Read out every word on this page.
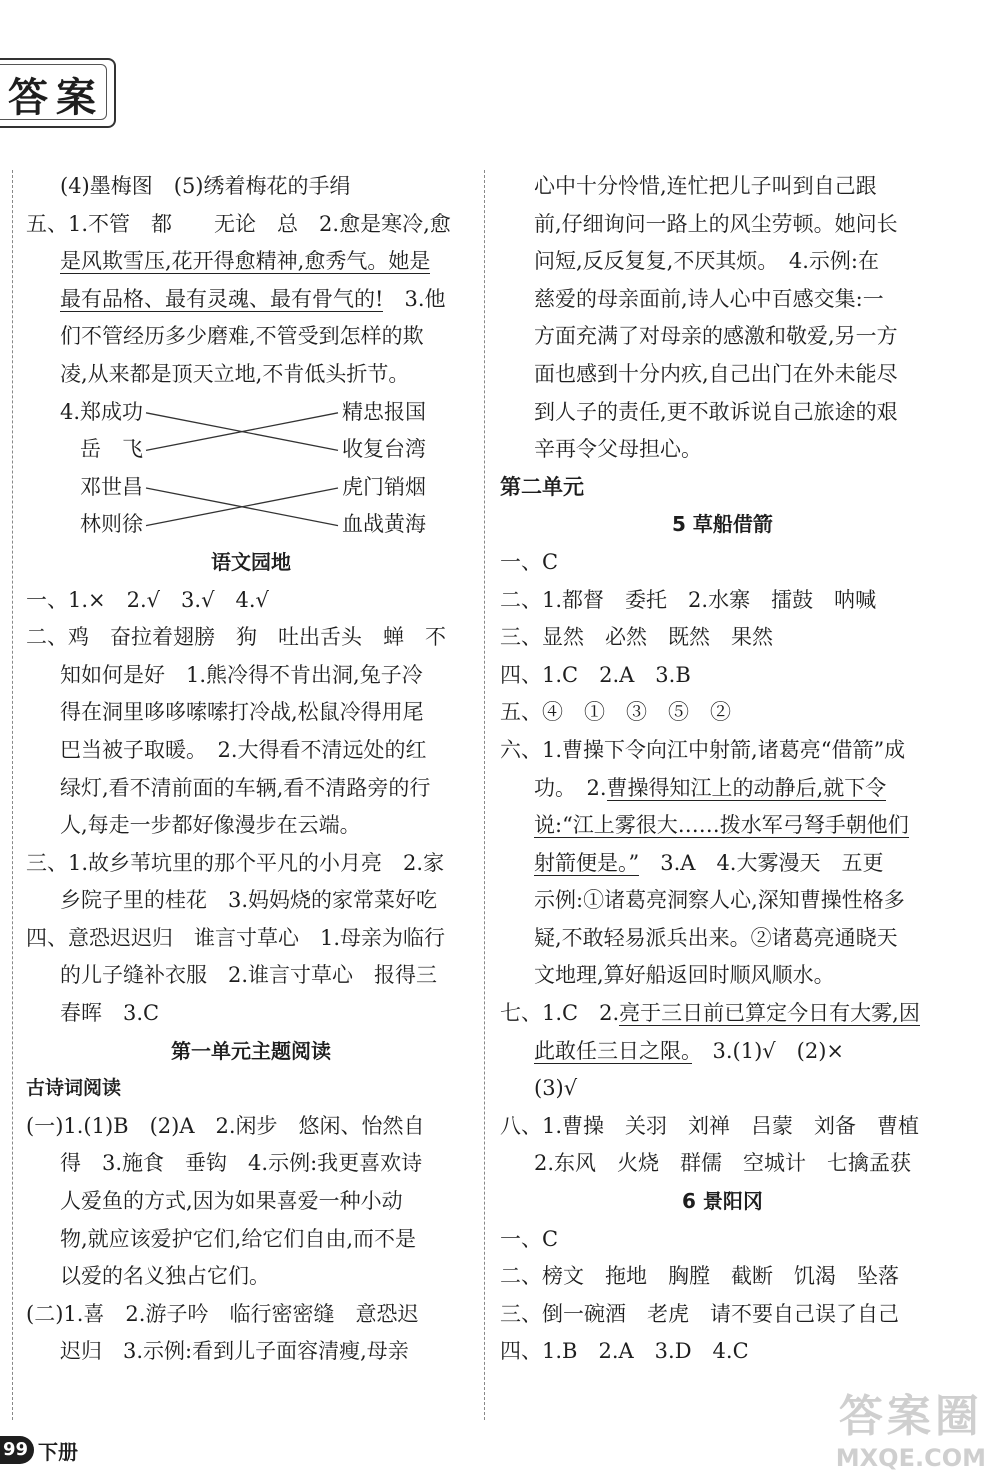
答案
(4)墨梅图　(5)绣着梅花的手绢
五、1.不管　都　　无论　总　2.愈是寒冷,愈
是风欺雪压,花开得愈精神,愈秀气。她是
最有品格、最有灵魂、最有骨气的!　3.他
们不管经历多少磨难,不管受到怎样的欺
凌,从来都是顶天立地,不肯低头折节。
4.郑成功
岳　飞
邓世昌
林则徐
精忠报国
收复台湾
虎门销烟
血战黄海
语文园地
一、1.×　2.√　3.√　4.√
二、鸡　奋拉着翅膀　狗　吐出舌头　蝉　不
知如何是好　1.熊冷得不肯出洞,兔子冷
得在洞里哆哆嗦嗦打冷战,松鼠冷得用尾
巴当被子取暖。　2.大得看不清远处的红
绿灯,看不清前面的车辆,看不清路旁的行
人,每走一步都好像漫步在云端。
三、1.故乡苇坑里的那个平凡的小月亮　2.家
乡院子里的桂花　3.妈妈烧的家常菜好吃
四、意恐迟迟归　谁言寸草心　1.母亲为临行
的儿子缝补衣服　2.谁言寸草心　报得三
春晖　3.C
第一单元主题阅读
古诗词阅读
(一)1.(1)B　(2)A　2.闲步　悠闲、怡然自
得　3.施食　垂钩　4.示例:我更喜欢诗
人爱鱼的方式,因为如果喜爱一种小动
物,就应该爱护它们,给它们自由,而不是
以爱的名义独占它们。
(二)1.喜　2.游子吟　临行密密缝　意恐迟
迟归　3.示例:看到儿子面容清瘦,母亲
心中十分怜惜,连忙把儿子叫到自己跟
前,仔细询问一路上的风尘劳顿。她问长
问短,反反复复,不厌其烦。　4.示例:在
慈爱的母亲面前,诗人心中百感交集:一
方面充满了对母亲的感激和敬爱,另一方
面也感到十分内疚,自己出门在外未能尽
到人子的责任,更不敢诉说自己旅途的艰
辛再令父母担心。
第二单元
5 草船借箭
一、C
二、1.都督　委托　2.水寨　擂鼓　呐喊
三、显然　必然　既然　果然
四、1.C　2.A　3.B
五、④　①　③　⑤　②
六、1.曹操下令向江中射箭,诸葛亮“借箭”成
功。　2.曹操得知江上的动静后,就下令
说:“江上雾很大……拨水军弓弩手朝他们
射箭便是。”　3.A　4.大雾漫天　五更
示例:①诸葛亮洞察人心,深知曹操性格多
疑,不敢轻易派兵出来。②诸葛亮通晓天
文地理,算好船返回时顺风顺水。
七、1.C　2.亮于三日前已算定今日有大雾,因
此敢任三日之限。　3.(1)√　(2)×
(3)√
八、1.曹操　关羽　刘禅　吕蒙　刘备　曹植
2.东风　火烧　群儒　空城计　七擒孟获
6 景阳冈
一、C
二、榜文　拖地　胸膛　截断　饥渴　坠落
三、倒一碗酒　老虎　请不要自己误了自己
四、1.B　2.A　3.D　4.C
99 下册
答案圈
MXQE.COM
